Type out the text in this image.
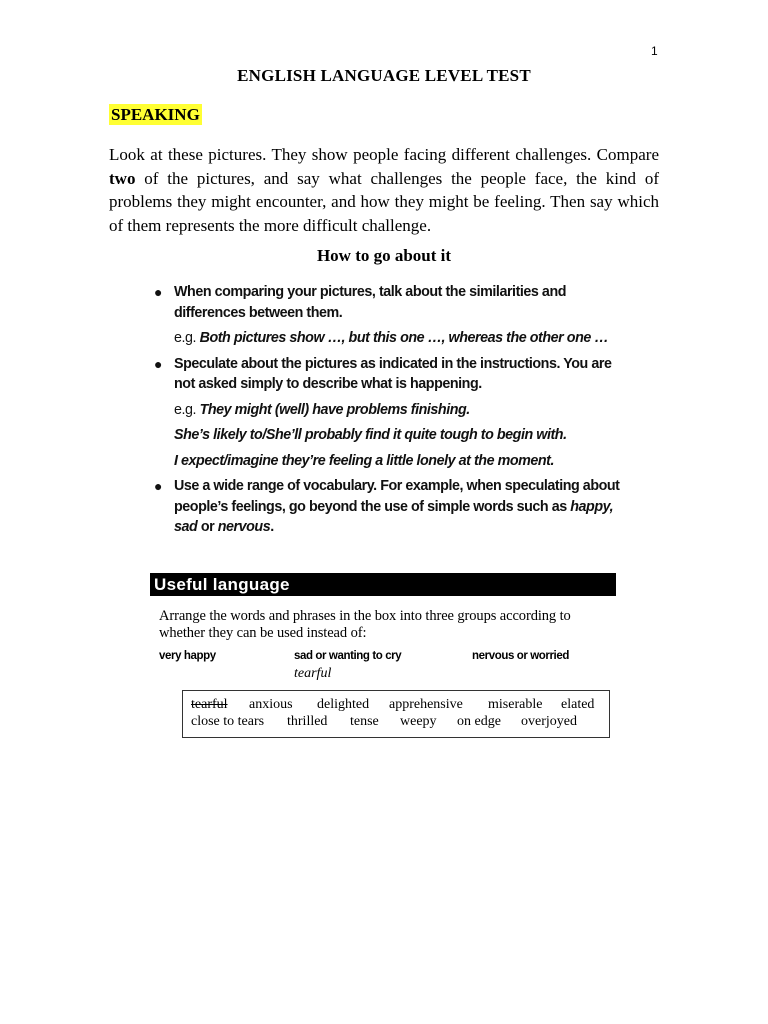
1
ENGLISH LANGUAGE LEVEL TEST
SPEAKING

Look at these pictures. They show people facing different challenges. Compare two of the pictures, and say what challenges the people face, the kind of problems they might encounter, and how they might be feeling. Then say which of them represents the more difficult challenge.

How to go about it
● When comparing your pictures, talk about the similarities and differences between them.
e.g. Both pictures show …, but this one …, whereas the other one …
● Speculate about the pictures as indicated in the instructions. You are not asked simply to describe what is happening.
e.g. They might (well) have problems finishing.
She’s likely to/She’ll probably find it quite tough to begin with.
I expect/imagine they’re feeling a little lonely at the moment.
● Use a wide range of vocabulary. For example, when speculating about people’s feelings, go beyond the use of simple words such as happy, sad or nervous.
Useful language

Arrange the words and phrases in the box into three groups according to whether they can be used instead of:

very happy	sad or wanting to cry	nervous or worried
tearful
tearful anxious delighted apprehensive miserable elated
close to tears thrilled tense weepy on edge overjoyed
